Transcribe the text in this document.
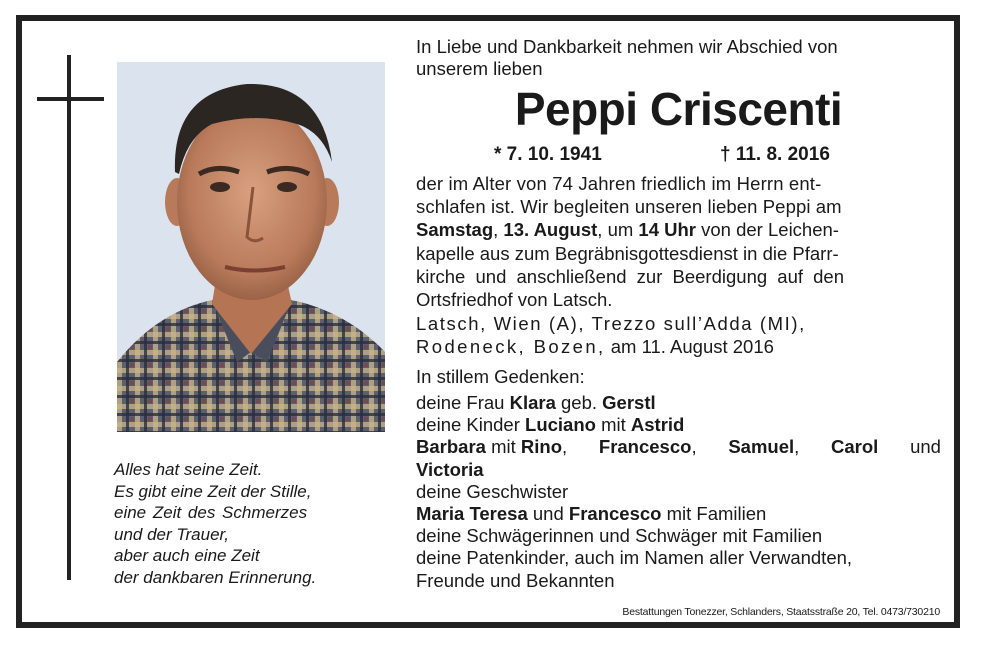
Alles hat seine Zeit.
Es gibt eine Zeit der Stille,
eine Zeit des Schmerzes
und der Trauer,
aber auch eine Zeit
der dankbaren Erinnerung.
In Liebe und Dankbarkeit nehmen wir Abschied von
unserem lieben
Peppi Criscenti
* 7. 10. 1941	† 11. 8. 2016
der im Alter von 74 Jahren friedlich im Herrn ent-
schlafen ist. Wir begleiten unseren lieben Peppi am
Samstag, 13. August, um 14 Uhr von der Leichen-
kapelle aus zum Begräbnisgottesdienst in die Pfarr-
kirche und anschließend zur Beerdigung auf den
Ortsfriedhof von Latsch.
Latsch, Wien (A), Trezzo sull’Adda (MI),
Rodeneck, Bozen, am 11. August 2016
In stillem Gedenken:
deine Frau Klara geb. Gerstl
deine Kinder Luciano mit Astrid
Barbara mit Rino, Francesco, Samuel, Carol und
Victoria
deine Geschwister
Maria Teresa und Francesco mit Familien
deine Schwägerinnen und Schwäger mit Familien
deine Patenkinder, auch im Namen aller Verwandten,
Freunde und Bekannten
Bestattungen Tonezzer, Schlanders, Staatsstraße 20, Tel. 0473/730210
